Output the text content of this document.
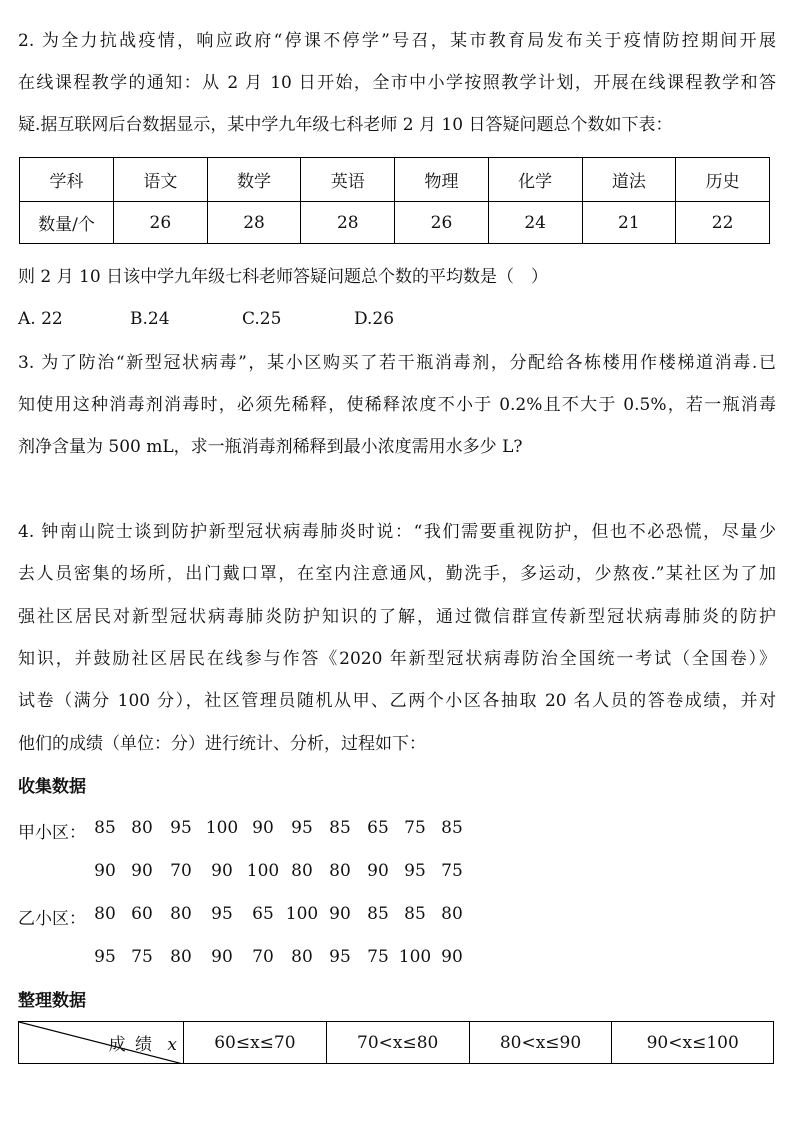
2. 为全力抗战疫情，响应政府“停课不停学”号召，某市教育局发布关于疫情防控期间开展
在线课程教学的通知：从 2 月 10 日开始，全市中小学按照教学计划，开展在线课程教学和答
疑.据互联网后台数据显示，某中学九年级七科老师 2 月 10 日答疑问题总个数如下表：
学科	语文	数学	英语	物理	化学	道法	历史
数量/个	26	28	28	26	24	21	22
则 2 月 10 日该中学九年级七科老师答疑问题总个数的平均数是（　）
A. 22	B.24	C.25	D.26
3. 为了防治“新型冠状病毒”，某小区购买了若干瓶消毒剂，分配给各栋楼用作楼梯道消毒.已
知使用这种消毒剂消毒时，必须先稀释，使稀释浓度不小于 0.2%且不大于 0.5%，若一瓶消毒
剂净含量为 500 mL，求一瓶消毒剂稀释到最小浓度需用水多少 L?
4. 钟南山院士谈到防护新型冠状病毒肺炎时说：“我们需要重视防护，但也不必恐慌，尽量少
去人员密集的场所，出门戴口罩，在室内注意通风，勤洗手，多运动，少熬夜.”某社区为了加
强社区居民对新型冠状病毒肺炎防护知识的了解，通过微信群宣传新型冠状病毒肺炎的防护
知识，并鼓励社区居民在线参与作答《2020 年新型冠状病毒防治全国统一考试（全国卷）》
试卷（满分 100 分），社区管理员随机从甲、乙两个小区各抽取 20 名人员的答卷成绩，并对
他们的成绩（单位：分）进行统计、分析，过程如下：
收集数据
甲小区： 85 80 95 100 90 95 85 65 75 85
90 90 70 90 100 80 80 90 95 75
乙小区： 80 60 80 95 65 100 90 85 85 80
95 75 80 90 70 80 95 75 100 90
整理数据
成 绩 x	60≤x≤70	70<x≤80	80<x≤90	90<x≤100
